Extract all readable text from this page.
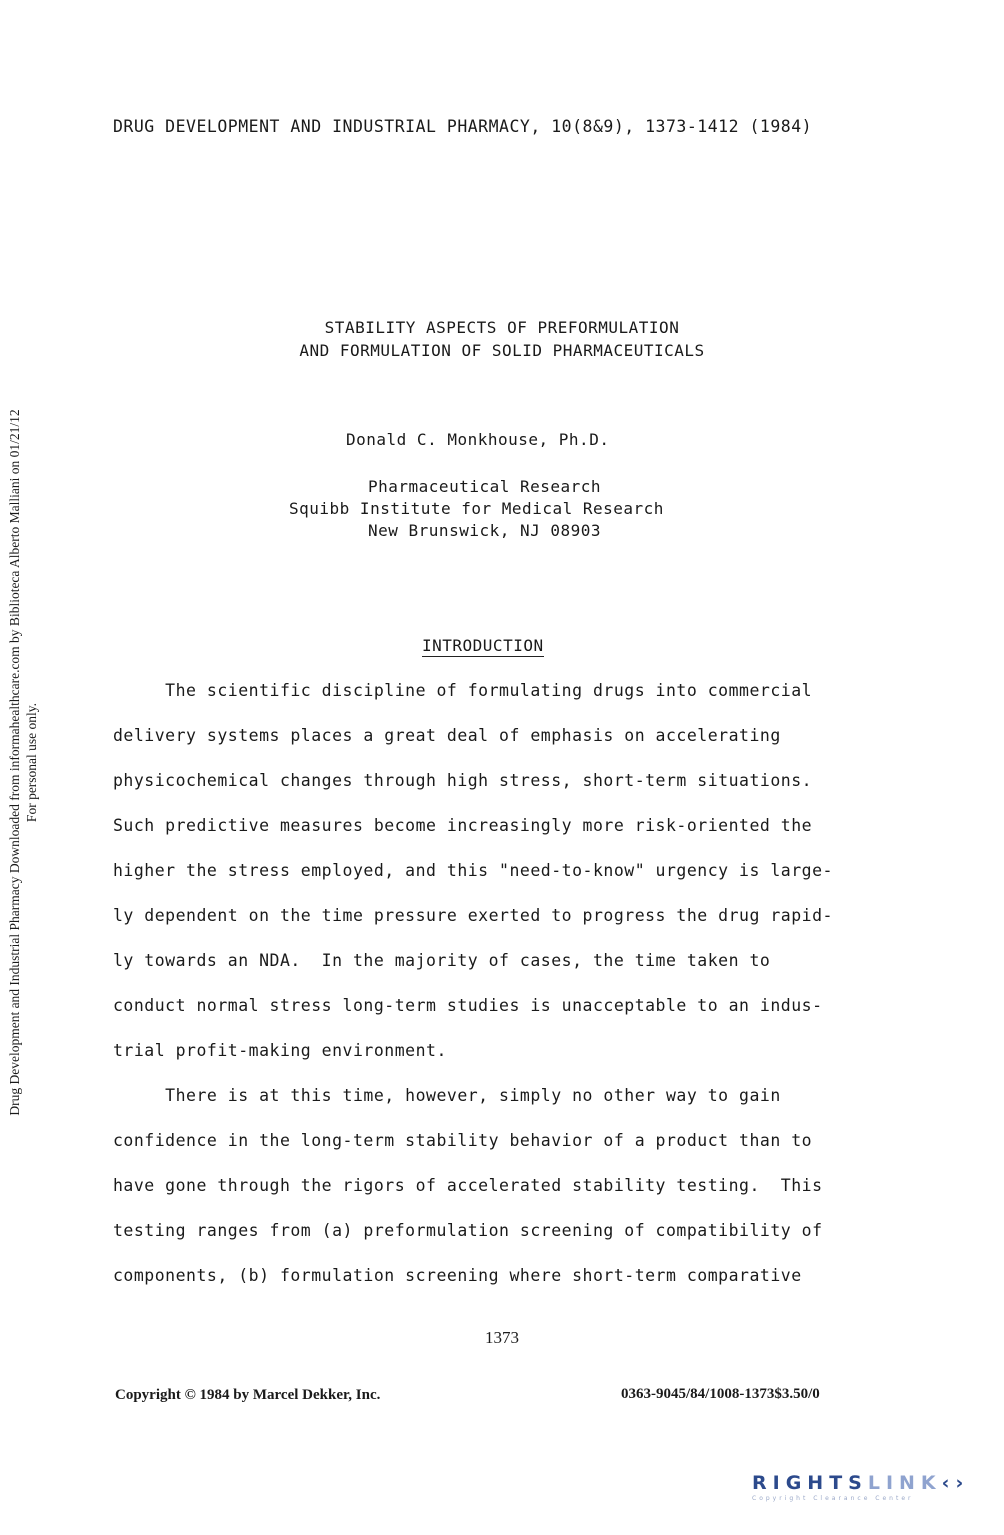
DRUG DEVELOPMENT AND INDUSTRIAL PHARMACY, 10(8&9), 1373-1412 (1984)
STABILITY ASPECTS OF PREFORMULATION
AND FORMULATION OF SOLID PHARMACEUTICALS
Donald C. Monkhouse, Ph.D.
Pharmaceutical Research
Squibb Institute for Medical Research
New Brunswick, NJ 08903
INTRODUCTION
The scientific discipline of formulating drugs into commercial
delivery systems places a great deal of emphasis on accelerating
physicochemical changes through high stress, short-term situations.
Such predictive measures become increasingly more risk-oriented the
higher the stress employed, and this "need-to-know" urgency is large-
ly dependent on the time pressure exerted to progress the drug rapid-
ly towards an NDA.  In the majority of cases, the time taken to
conduct normal stress long-term studies is unacceptable to an indus-
trial profit-making environment.
There is at this time, however, simply no other way to gain
confidence in the long-term stability behavior of a product than to
have gone through the rigors of accelerated stability testing.  This
testing ranges from (a) preformulation screening of compatibility of
components, (b) formulation screening where short-term comparative
1373
Copyright © 1984 by Marcel Dekker, Inc.	0363-9045/84/1008-1373$3.50/0
Drug Development and Industrial Pharmacy Downloaded from informahealthcare.com by Biblioteca Alberto Malliani on 01/21/12 For personal use only.
RIGHTSLINK‹›
Copyright Clearance Center
